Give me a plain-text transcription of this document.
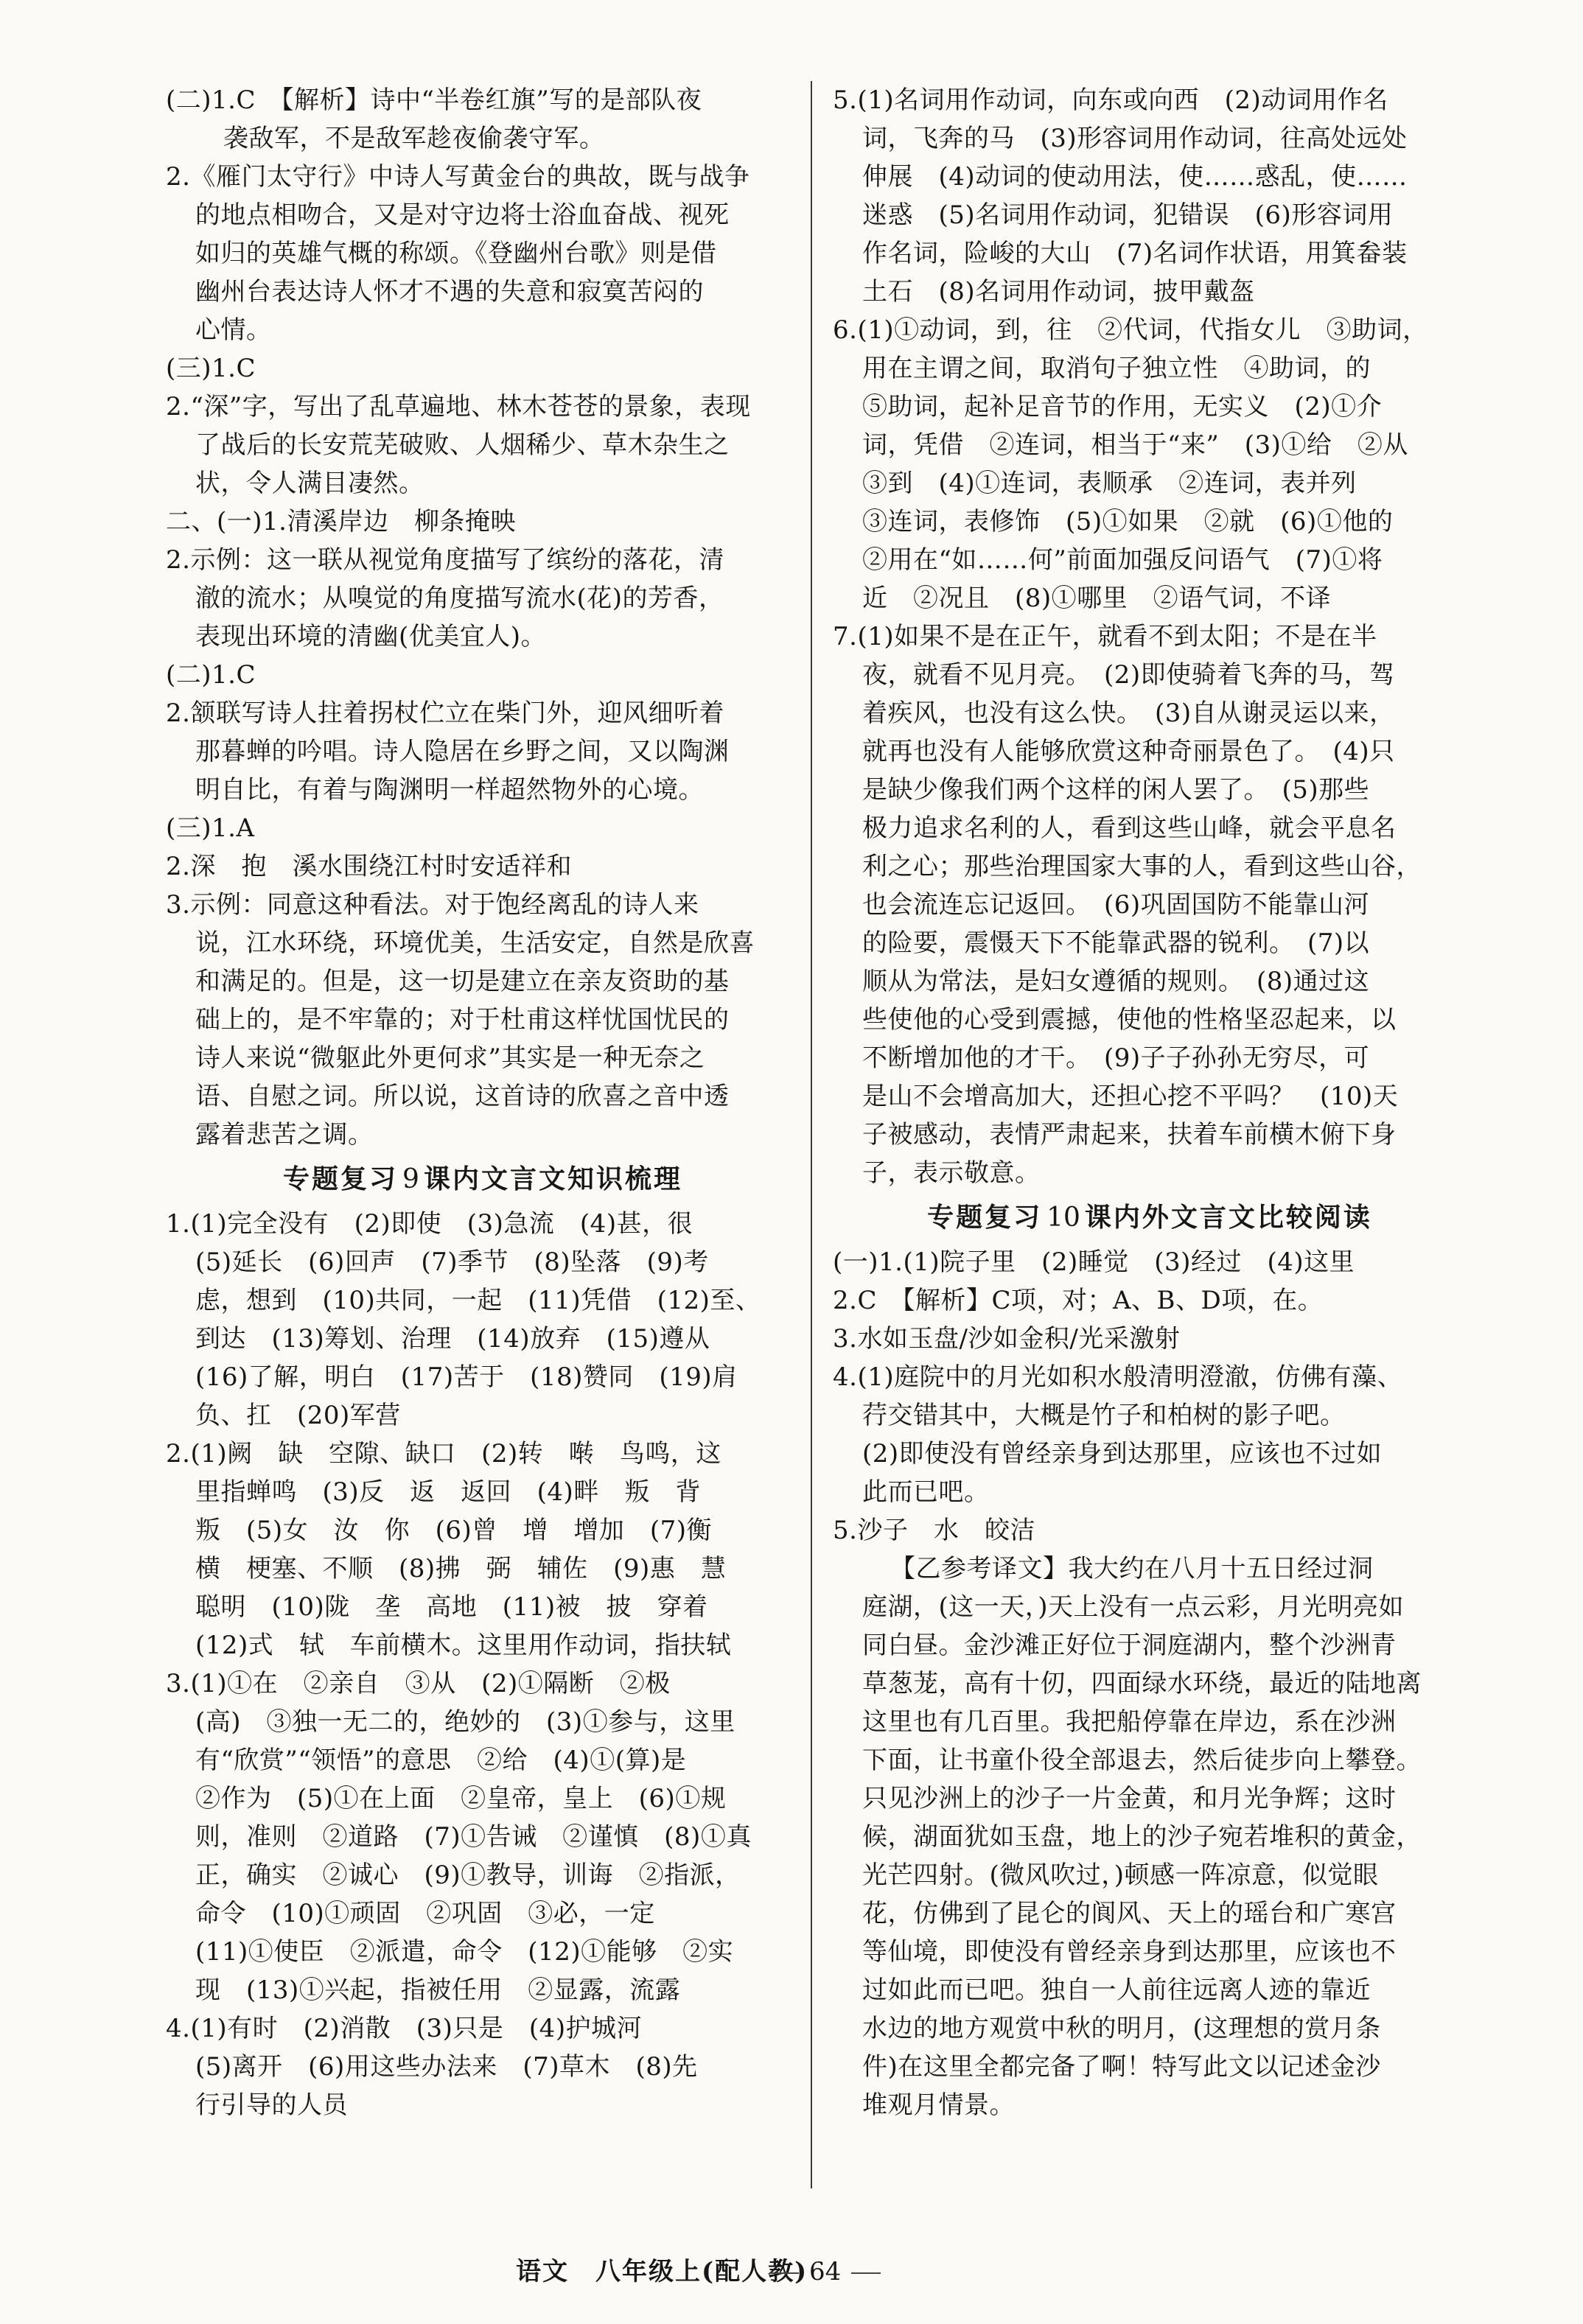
(二)1.C　【解析】诗中“半卷红旗”写的是部队夜
袭敌军，不是敌军趁夜偷袭守军。
2.《雁门太守行》中诗人写黄金台的典故，既与战争
的地点相吻合，又是对守边将士浴血奋战、视死
如归的英雄气概的称颂。《登幽州台歌》则是借
幽州台表达诗人怀才不遇的失意和寂寞苦闷的
心情。
(三)1.C
2.“深”字，写出了乱草遍地、林木苍苍的景象，表现
了战后的长安荒芜破败、人烟稀少、草木杂生之
状，令人满目凄然。
二、(一)1.清溪岸边　柳条掩映
2.示例：这一联从视觉角度描写了缤纷的落花，清
澈的流水；从嗅觉的角度描写流水(花)的芳香，
表现出环境的清幽(优美宜人)。
(二)1.C
2.颔联写诗人拄着拐杖伫立在柴门外，迎风细听着
那暮蝉的吟唱。诗人隐居在乡野之间，又以陶渊
明自比，有着与陶渊明一样超然物外的心境。
(三)1.A
2.深　抱　溪水围绕江村时安适祥和
3.示例：同意这种看法。对于饱经离乱的诗人来
说，江水环绕，环境优美，生活安定，自然是欣喜
和满足的。但是，这一切是建立在亲友资助的基
础上的，是不牢靠的；对于杜甫这样忧国忧民的
诗人来说“微躯此外更何求”其实是一种无奈之
语、自慰之词。所以说，这首诗的欣喜之音中透
露着悲苦之调。
专题复习 9 课内文言文知识梳理
1.(1)完全没有　(2)即使　(3)急流　(4)甚，很
(5)延长　(6)回声　(7)季节　(8)坠落　(9)考
虑，想到　(10)共同，一起　(11)凭借　(12)至、
到达　(13)筹划、治理　(14)放弃　(15)遵从
(16)了解，明白　(17)苦于　(18)赞同　(19)肩
负、扛　(20)军营
2.(1)阙　缺　空隙、缺口　(2)转　啭　鸟鸣，这
里指蝉鸣　(3)反　返　返回　(4)畔　叛　背
叛　(5)女　汝　你　(6)曾　增　增加　(7)衡
横　梗塞、不顺　(8)拂　弼　辅佐　(9)惠　慧
聪明　(10)陇　垄　高地　(11)被　披　穿着
(12)式　轼　车前横木。这里用作动词，指扶轼
3.(1)①在　②亲自　③从　(2)①隔断　②极
(高)　③独一无二的，绝妙的　(3)①参与，这里
有“欣赏”“领悟”的意思　②给　(4)①(算)是
②作为　(5)①在上面　②皇帝，皇上　(6)①规
则，准则　②道路　(7)①告诫　②谨慎　(8)①真
正，确实　②诚心　(9)①教导，训诲　②指派，
命令　(10)①顽固　②巩固　③必，一定
(11)①使臣　②派遣，命令　(12)①能够　②实
现　(13)①兴起，指被任用　②显露，流露
4.(1)有时　(2)消散　(3)只是　(4)护城河
(5)离开　(6)用这些办法来　(7)草木　(8)先
行引导的人员
5.(1)名词用作动词，向东或向西　(2)动词用作名
词，飞奔的马　(3)形容词用作动词，往高处远处
伸展　(4)动词的使动用法，使……惑乱，使……
迷惑　(5)名词用作动词，犯错误　(6)形容词用
作名词，险峻的大山　(7)名词作状语，用箕畚装
土石　(8)名词用作动词，披甲戴盔
6.(1)①动词，到，往　②代词，代指女儿　③助词，
用在主谓之间，取消句子独立性　④助词，的
⑤助词，起补足音节的作用，无实义　(2)①介
词，凭借　②连词，相当于“来”　(3)①给　②从
③到　(4)①连词，表顺承　②连词，表并列
③连词，表修饰　(5)①如果　②就　(6)①他的
②用在“如……何”前面加强反问语气　(7)①将
近　②况且　(8)①哪里　②语气词，不译
7.(1)如果不是在正午，就看不到太阳；不是在半
夜，就看不见月亮。　(2)即使骑着飞奔的马，驾
着疾风，也没有这么快。　(3)自从谢灵运以来，
就再也没有人能够欣赏这种奇丽景色了。　(4)只
是缺少像我们两个这样的闲人罢了。　(5)那些
极力追求名利的人，看到这些山峰，就会平息名
利之心；那些治理国家大事的人，看到这些山谷，
也会流连忘记返回。　(6)巩固国防不能靠山河
的险要，震慑天下不能靠武器的锐利。　(7)以
顺从为常法，是妇女遵循的规则。　(8)通过这
些使他的心受到震撼，使他的性格坚忍起来，以
不断增加他的才干。　(9)子子孙孙无穷尽，可
是山不会增高加大，还担心挖不平吗？　(10)天
子被感动，表情严肃起来，扶着车前横木俯下身
子，表示敬意。
专题复习 10 课内外文言文比较阅读
(一)1.(1)院子里　(2)睡觉　(3)经过　(4)这里
2.C　【解析】C项，对；A、B、D项，在。
3.水如玉盘/沙如金积/光采激射
4.(1)庭院中的月光如积水般清明澄澈，仿佛有藻、
荇交错其中，大概是竹子和柏树的影子吧。
(2)即使没有曾经亲身到达那里，应该也不过如
此而已吧。
5.沙子　水　皎洁
【乙参考译文】我大约在八月十五日经过洞
庭湖，(这一天，)天上没有一点云彩，月光明亮如
同白昼。金沙滩正好位于洞庭湖内，整个沙洲青
草葱茏，高有十仞，四面绿水环绕，最近的陆地离
这里也有几百里。我把船停靠在岸边，系在沙洲
下面，让书童仆役全部退去，然后徒步向上攀登。
只见沙洲上的沙子一片金黄，和月光争辉；这时
候，湖面犹如玉盘，地上的沙子宛若堆积的黄金，
光芒四射。(微风吹过，)顿感一阵凉意，似觉眼
花，仿佛到了昆仑的阆风、天上的瑶台和广寒宫
等仙境，即使没有曾经亲身到达那里，应该也不
过如此而已吧。独自一人前往远离人迹的靠近
水边的地方观赏中秋的明月，(这理想的赏月条
件)在这里全都完备了啊！特写此文以记述金沙
堆观月情景。
语文　八年级上(配人教) 64
